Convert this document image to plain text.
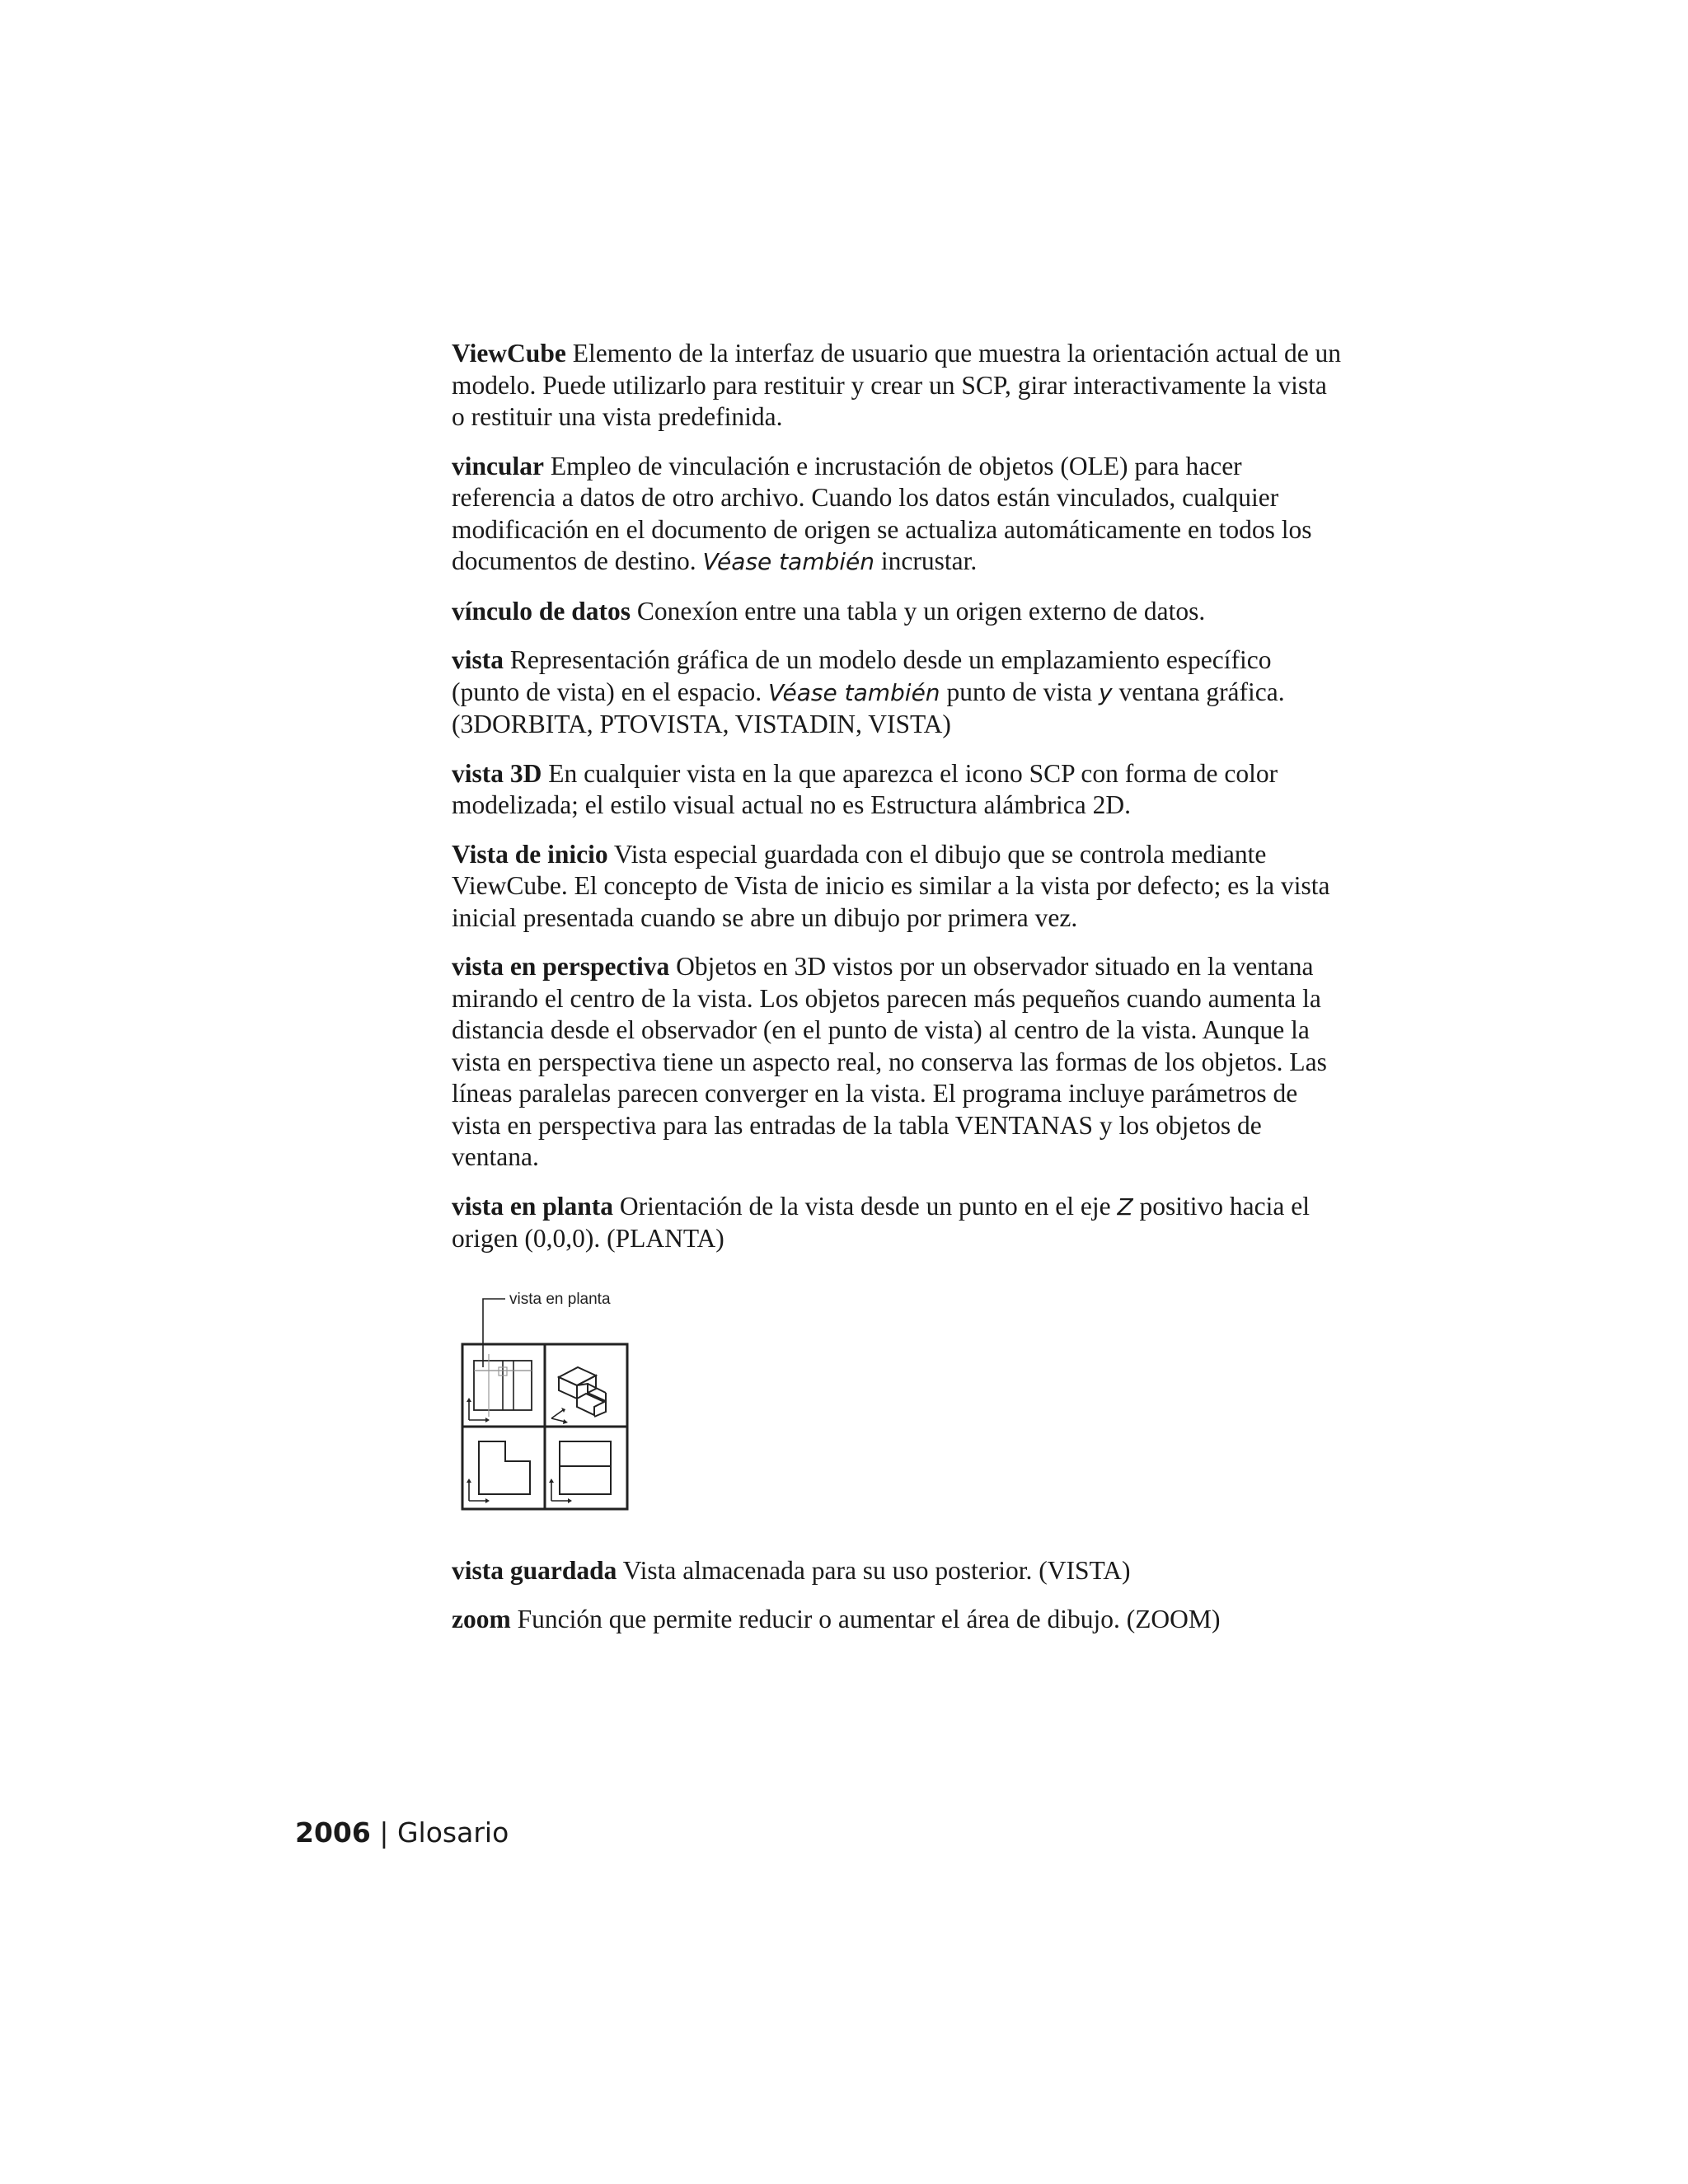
ViewCube Elemento de la interfaz de usuario que muestra la orientación actual de un modelo. Puede utilizarlo para restituir y crear un SCP, girar interactivamente la vista o restituir una vista predefinida.

vincular Empleo de vinculación e incrustación de objetos (OLE) para hacer referencia a datos de otro archivo. Cuando los datos están vinculados, cualquier modificación en el documento de origen se actualiza automáticamente en todos los documentos de destino. Véase también incrustar.

vínculo de datos Conexíon entre una tabla y un origen externo de datos.

vista Representación gráfica de un modelo desde un emplazamiento específico (punto de vista) en el espacio. Véase también punto de vista y ventana gráfica. (3DORBITA, PTOVISTA, VISTADIN, VISTA)

vista 3D En cualquier vista en la que aparezca el icono SCP con forma de color modelizada; el estilo visual actual no es Estructura alámbrica 2D.

Vista de inicio Vista especial guardada con el dibujo que se controla mediante ViewCube. El concepto de Vista de inicio es similar a la vista por defecto; es la vista inicial presentada cuando se abre un dibujo por primera vez.

vista en perspectiva Objetos en 3D vistos por un observador situado en la ventana mirando el centro de la vista. Los objetos parecen más pequeños cuando aumenta la distancia desde el observador (en el punto de vista) al centro de la vista. Aunque la vista en perspectiva tiene un aspecto real, no conserva las formas de los objetos. Las líneas paralelas parecen converger en la vista. El programa incluye parámetros de vista en perspectiva para las entradas de la tabla VENTANAS y los objetos de ventana.

vista en planta Orientación de la vista desde un punto en el eje Z positivo hacia el origen (0,0,0). (PLANTA)

vista en planta

vista guardada Vista almacenada para su uso posterior. (VISTA)

zoom Función que permite reducir o aumentar el área de dibujo. (ZOOM)

2006 | Glosario
